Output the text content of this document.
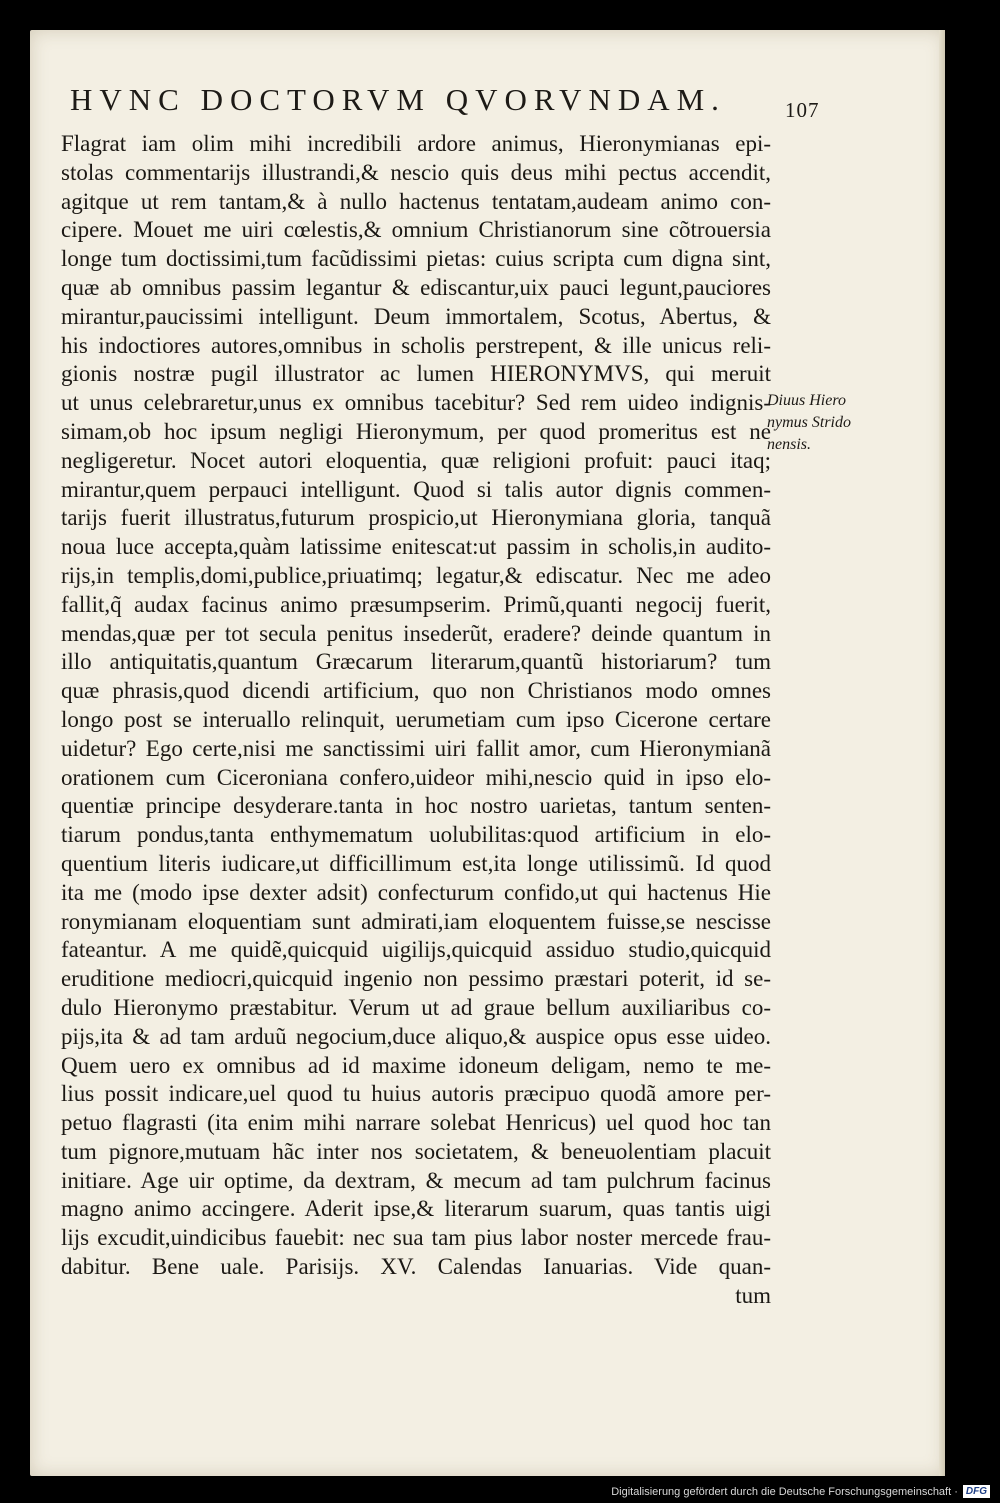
HVNC DOCTORVM QVORVNDAM.	107
Flagrat iam olim mihi incredibili ardore animus, Hieronymianas epi-
stolas commentarijs illustrandi,& nescio quis deus mihi pectus accendit,
agitque ut rem tantam,& à nullo hactenus tentatam,audeam animo con-
cipere. Mouet me uiri cœlestis,& omnium Christianorum sine cõtrouersia
longe tum doctissimi,tum facũdissimi pietas: cuius scripta cum digna sint,
quæ ab omnibus passim legantur & ediscantur,uix pauci legunt,pauciores
mirantur,paucissimi intelligunt. Deum immortalem, Scotus, Abertus, &
his indoctiores autores,omnibus in scholis perstrepent, & ille unicus reli-
gionis nostræ pugil illustrator ac lumen HIERONYMVS, qui meruit
ut unus celebraretur,unus ex omnibus tacebitur? Sed rem uideo indignis-
simam,ob hoc ipsum negligi Hieronymum, per quod promeritus est ne
negligeretur. Nocet autori eloquentia, quæ religioni profuit: pauci itaq;
mirantur,quem perpauci intelligunt. Quod si talis autor dignis commen-
tarijs fuerit illustratus,futurum prospicio,ut Hieronymiana gloria, tanquã
noua luce accepta,quàm latissime enitescat:ut passim in scholis,in audito-
rijs,in templis,domi,publice,priuatimq; legatur,& ediscatur. Nec me adeo
fallit,q̃ audax facinus animo præsumpserim. Primũ,quanti negocij fuerit,
mendas,quæ per tot secula penitus insederũt, eradere? deinde quantum in
illo antiquitatis,quantum Græcarum literarum,quantũ historiarum? tum
quæ phrasis,quod dicendi artificium, quo non Christianos modo omnes
longo post se interuallo relinquit, uerumetiam cum ipso Cicerone certare
uidetur? Ego certe,nisi me sanctissimi uiri fallit amor, cum Hieronymianã
orationem cum Ciceroniana confero,uideor mihi,nescio quid in ipso elo-
quentiæ principe desyderare.tanta in hoc nostro uarietas, tantum senten-
tiarum pondus,tanta enthymematum uolubilitas:quod artificium in elo-
quentium literis iudicare,ut difficillimum est,ita longe utilissimũ. Id quod
ita me (modo ipse dexter adsit) confecturum confido,ut qui hactenus Hie
ronymianam eloquentiam sunt admirati,iam eloquentem fuisse,se nescisse
fateantur. A me quidẽ,quicquid uigilijs,quicquid assiduo studio,quicquid
eruditione mediocri,quicquid ingenio non pessimo præstari poterit, id se-
dulo Hieronymo præstabitur. Verum ut ad graue bellum auxiliaribus co-
pijs,ita & ad tam arduũ negocium,duce aliquo,& auspice opus esse uideo.
Quem uero ex omnibus ad id maxime idoneum deligam, nemo te me-
lius possit indicare,uel quod tu huius autoris præcipuo quodã amore per-
petuo flagrasti (ita enim mihi narrare solebat Henricus) uel quod hoc tan
tum pignore,mutuam hãc inter nos societatem, & beneuolentiam placuit
initiare. Age uir optime, da dextram, & mecum ad tam pulchrum facinus
magno animo accingere. Aderit ipse,& literarum suarum, quas tantis uigi
lijs excudit,uindicibus fauebit: nec sua tam pius labor noster mercede frau-
dabitur. Bene uale. Parisijs. XV. Calendas Ianuarias. Vide quan-
tum
Diuus Hiero
nymus Strido
nensis.
Digitalisierung gefördert durch die Deutsche Forschungsgemeinschaft · DFG
